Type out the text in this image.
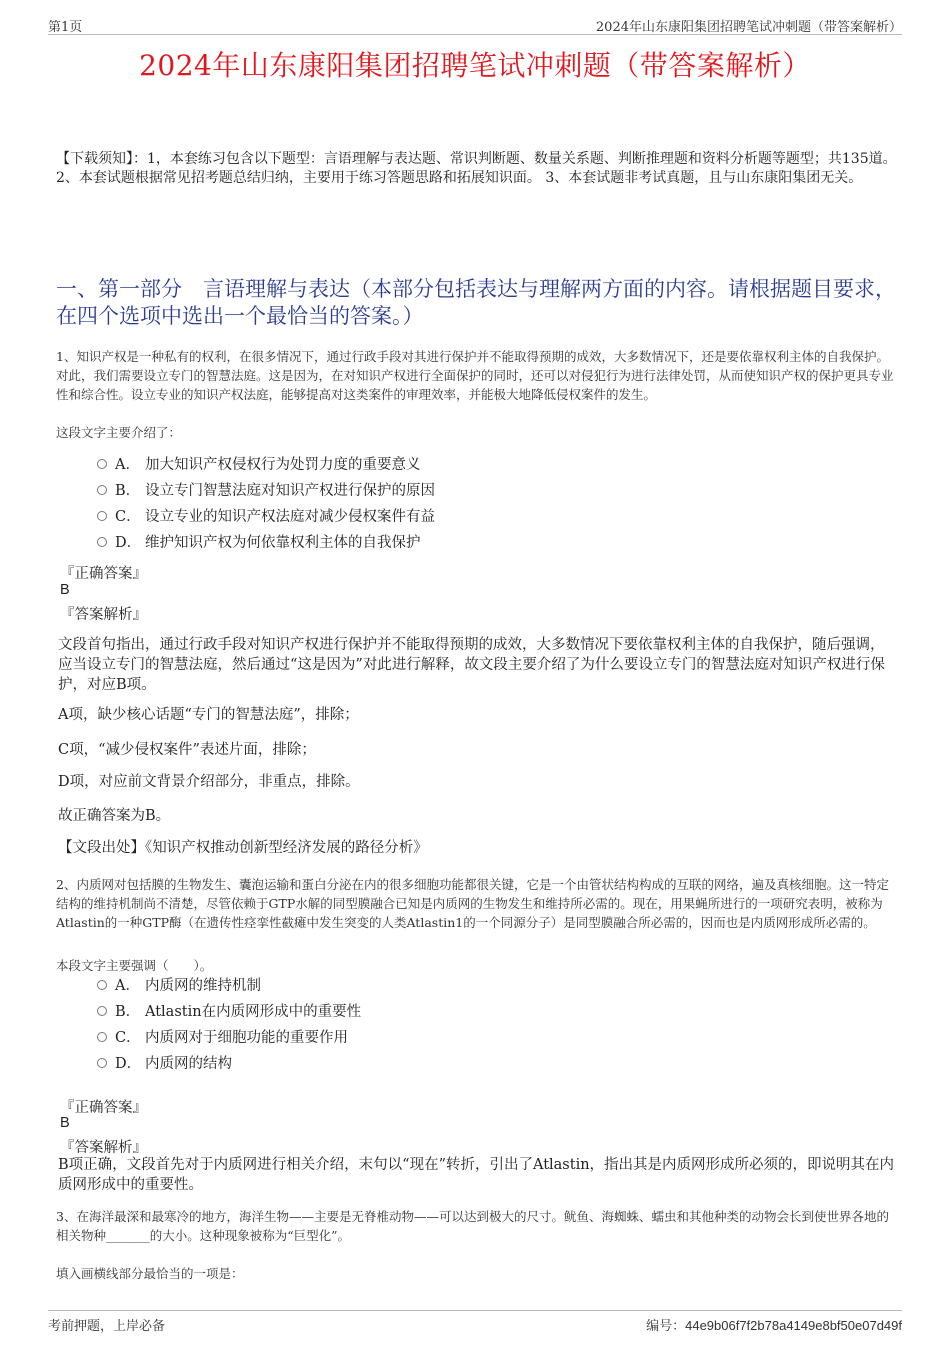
第1页	2024年山东康阳集团招聘笔试冲刺题（带答案解析）
2024年山东康阳集团招聘笔试冲刺题（带答案解析）
【下载须知】：1，本套练习包含以下题型：言语理解与表达题、常识判断题、数量关系题、判断推理题和资料分析题等题型；共135道。 2、本套试题根据常见招考题总结归纳，主要用于练习答题思路和拓展知识面。 3、本套试题非考试真题，且与山东康阳集团无关。
一、第一部分　言语理解与表达（本部分包括表达与理解两方面的内容。请根据题目要求，在四个选项中选出一个最恰当的答案。）
1、知识产权是一种私有的权利，在很多情况下，通过行政手段对其进行保护并不能取得预期的成效，大多数情况下，还是要依靠权利主体的自我保护。对此，我们需要设立专门的智慧法庭。这是因为，在对知识产权进行全面保护的同时，还可以对侵犯行为进行法律处罚，从而使知识产权的保护更具专业性和综合性。设立专业的知识产权法庭，能够提高对这类案件的审理效率，并能极大地降低侵权案件的发生。
这段文字主要介绍了：
A． 加大知识产权侵权行为处罚力度的重要意义
B． 设立专门智慧法庭对知识产权进行保护的原因
C． 设立专业的知识产权法庭对减少侵权案件有益
D． 维护知识产权为何依靠权利主体的自我保护
『正确答案』
B
『答案解析』
文段首句指出，通过行政手段对知识产权进行保护并不能取得预期的成效，大多数情况下要依靠权利主体的自我保护，随后强调，应当设立专门的智慧法庭，然后通过“这是因为”对此进行解释，故文段主要介绍了为什么要设立专门的智慧法庭对知识产权进行保护，对应B项。
A项，缺少核心话题“专门的智慧法庭”，排除；
C项，“减少侵权案件”表述片面，排除；
D项，对应前文背景介绍部分，非重点，排除。
故正确答案为B。
【文段出处】《知识产权推动创新型经济发展的路径分析》
2、内质网对包括膜的生物发生、囊泡运输和蛋白分泌在内的很多细胞功能都很关键，它是一个由管状结构构成的互联的网络，遍及真核细胞。这一特定结构的维持机制尚不清楚，尽管依赖于GTP水解的同型膜融合已知是内质网的生物发生和维持所必需的。现在，用果蝇所进行的一项研究表明，被称为Atlastin的一种GTP酶（在遗传性痉挛性截瘫中发生突变的人类Atlastin1的一个同源分子）是同型膜融合所必需的，因而也是内质网形成所必需的。
本段文字主要强调（　　）。
A． 内质网的维持机制
B． Atlastin在内质网形成中的重要性
C． 内质网对于细胞功能的重要作用
D． 内质网的结构
『正确答案』
B
『答案解析』
B项正确，文段首先对于内质网进行相关介绍，末句以“现在”转折，引出了Atlastin，指出其是内质网形成所必须的，即说明其在内质网形成中的重要性。
3、在海洋最深和最寒冷的地方，海洋生物——主要是无脊椎动物——可以达到极大的尺寸。鱿鱼、海蜘蛛、蠕虫和其他种类的动物会长到使世界各地的相关物种_______的大小。这种现象被称为“巨型化”。
填入画横线部分最恰当的一项是：
考前押题，上岸必备	编号：44e9b06f7f2b78a4149e8bf50e07d49f
